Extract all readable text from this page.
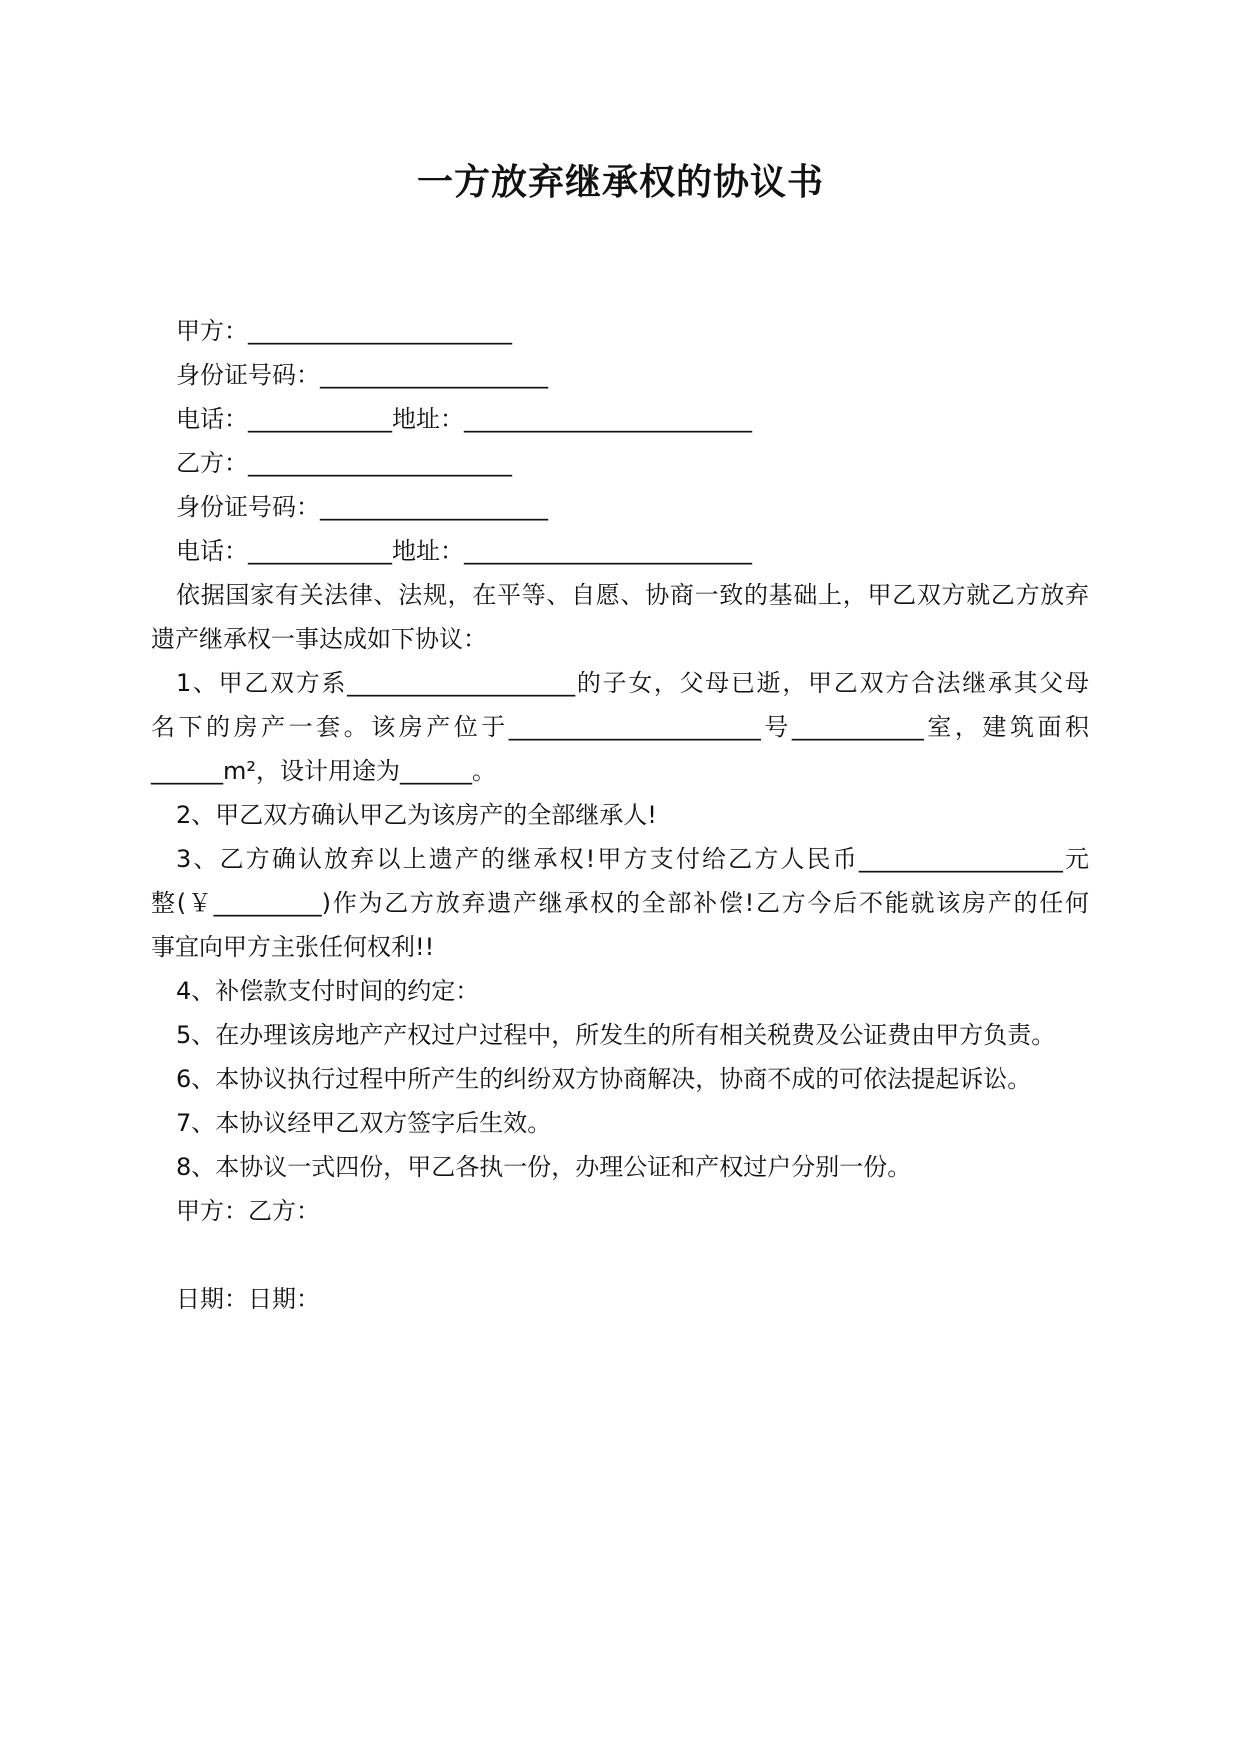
一方放弃继承权的协议书
甲方：______________________
身份证号码：___________________
电话：____________地址：________________________
乙方：______________________
身份证号码：___________________
电话：____________地址：________________________
依据国家有关法律、法规，在平等、自愿、协商一致的基础上，甲乙双方就乙方放弃
遗产继承权一事达成如下协议：
1、甲乙双方系___________________的子女，父母已逝，甲乙双方合法继承其父母
名下的房产一套。该房产位于_____________________号___________室，建筑面积
______m²，设计用途为______。
2、甲乙双方确认甲乙为该房产的全部继承人!
3、乙方确认放弃以上遗产的继承权!甲方支付给乙方人民币_________________元
整(￥_________)作为乙方放弃遗产继承权的全部补偿!乙方今后不能就该房产的任何
事宜向甲方主张任何权利!!
4、补偿款支付时间的约定：
5、在办理该房地产产权过户过程中，所发生的所有相关税费及公证费由甲方负责。
6、本协议执行过程中所产生的纠纷双方协商解决，协商不成的可依法提起诉讼。
7、本协议经甲乙双方签字后生效。
8、本协议一式四份，甲乙各执一份，办理公证和产权过户分别一份。
甲方：乙方：
日期：日期：
